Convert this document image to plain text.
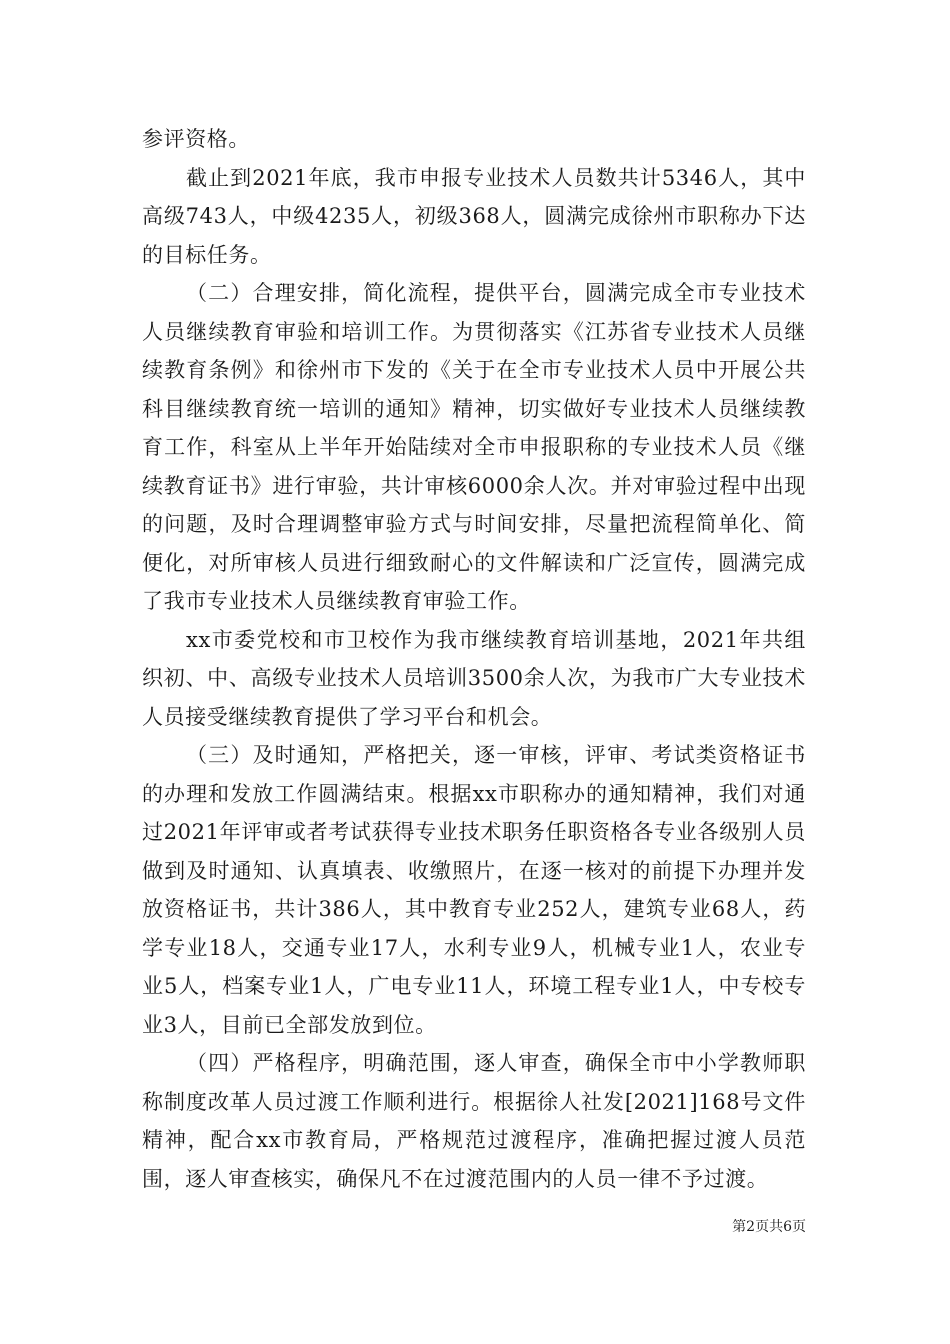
参评资格。

截止到2021年底，我市申报专业技术人员数共计5346人，其中高级743人，中级4235人，初级368人，圆满完成徐州市职称办下达的目标任务。

（二）合理安排，简化流程，提供平台，圆满完成全市专业技术人员继续教育审验和培训工作。为贯彻落实《江苏省专业技术人员继续教育条例》和徐州市下发的《关于在全市专业技术人员中开展公共科目继续教育统一培训的通知》精神，切实做好专业技术人员继续教育工作，科室从上半年开始陆续对全市申报职称的专业技术人员《继续教育证书》进行审验，共计审核6000余人次。并对审验过程中出现的问题，及时合理调整审验方式与时间安排，尽量把流程简单化、简便化，对所审核人员进行细致耐心的文件解读和广泛宣传，圆满完成了我市专业技术人员继续教育审验工作。

xx市委党校和市卫校作为我市继续教育培训基地，2021年共组织初、中、高级专业技术人员培训3500余人次，为我市广大专业技术人员接受继续教育提供了学习平台和机会。

（三）及时通知，严格把关，逐一审核，评审、考试类资格证书的办理和发放工作圆满结束。根据xx市职称办的通知精神，我们对通过2021年评审或者考试获得专业技术职务任职资格各专业各级别人员做到及时通知、认真填表、收缴照片，在逐一核对的前提下办理并发放资格证书，共计386人，其中教育专业252人，建筑专业68人，药学专业18人，交通专业17人，水利专业9人，机械专业1人，农业专业5人，档案专业1人，广电专业11人，环境工程专业1人，中专校专业3人，目前已全部发放到位。

（四）严格程序，明确范围，逐人审查，确保全市中小学教师职称制度改革人员过渡工作顺利进行。根据徐人社发[2021]168号文件精神，配合xx市教育局，严格规范过渡程序，准确把握过渡人员范围，逐人审查核实，确保凡不在过渡范围内的人员一律不予过渡。

第2页共6页
